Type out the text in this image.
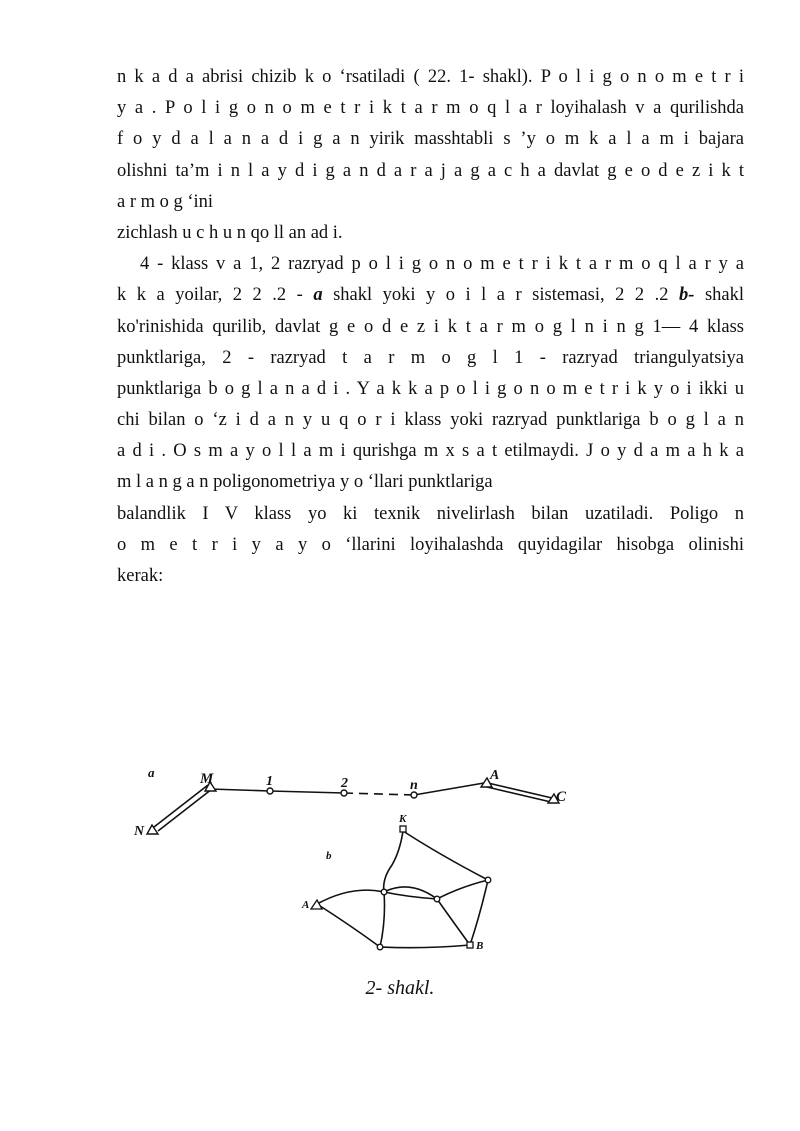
n k a d a abrisi chizib k o ‘rsatiladi ( 22. 1- shakl). P o l i g o n o m e t r i
y a . P o l i g o n o m e t r i k t a r m o q l a r loyihalash v a qurilishda
f o y d a l a n a d i g a n yirik masshtabli s ’y o m k a l a m i bajara
olishni ta’m i n l a y d i g a n d a r a j a g a c h a davlat g e o d e z i k t
a r m o g ‘ini
zichlash u c h u n qo ll an ad i.
4 - klass v a 1, 2 razryad p o l i g o n o m e t r i k t a r m o q l a r y a
k k a yoilar, 2 2 .2 - a shakl yoki y o i l a r sistemasi, 2 2 .2 b- shakl
ko'rinishida qurilib, davlat g e o d e z i k t a r m o g l n i n g 1— 4 klass
punktlariga, 2 - razryad t a r m o g l 1 - razryad triangulyatsiya
punktlariga b o g l a n a d i . Y a k k a p o l i g o n o m e t r i k y o i ikki u
chi bilan o ‘z i d a n y u q o r i klass yoki razryad punktlariga b o g l a n
a d i . O s m a y o l l a m i qurishga m x s a t etilmaydi. J o y d a m a h k a
m l a n g a n poligonometriya y o ‘llari punktlariga
balandlik I V klass yo ki texnik nivelirlash bilan uzatiladi. Poligo n
o m e t r i y a y o ‘llarini loyihalashda quyidagilar hisobga olinishi
kerak:
a	M	1	2	n
A
C
N
K
b
A
B
2- shakl.
